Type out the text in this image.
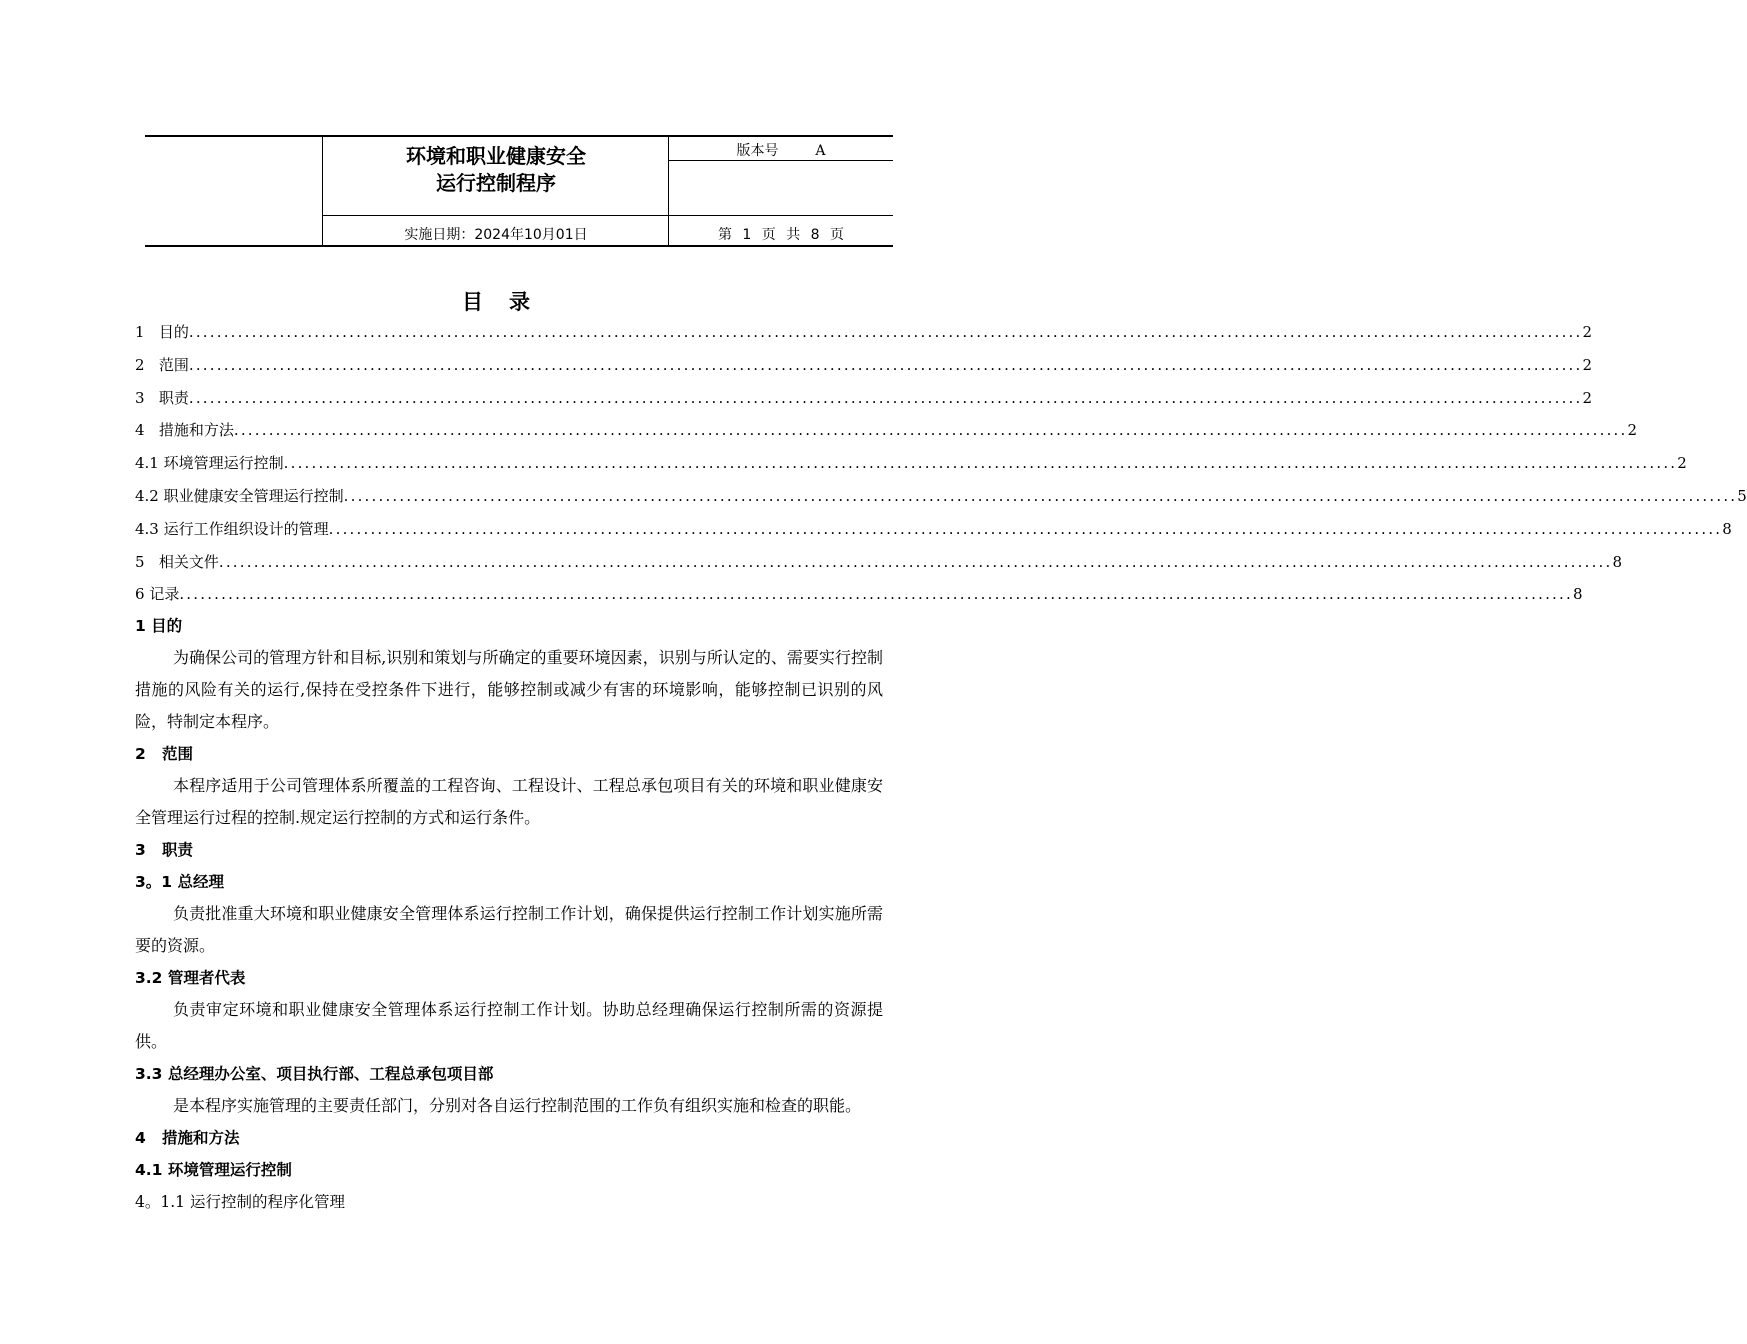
环境和职业健康安全
运行控制程序
版本号	A
实施日期：2024年10月01日	第 1 页 共 8 页
目录
1 目的 ........................................................................................................................................................................................................ 2
2 范围 ........................................................................................................................................................................................................ 2
3 职责 ........................................................................................................................................................................................................ 2
4 措施和方法 ........................................................................................................................................................................................................ 2
4.1 环境管理运行控制 ........................................................................................................................................................................................................ 2
4.2 职业健康安全管理运行控制 ........................................................................................................................................................................................................ 5
4.3 运行工作组织设计的管理 ........................................................................................................................................................................................................ 8
5 相关文件 ........................................................................................................................................................................................................ 8
6 记录 ........................................................................................................................................................................................................ 8
1 目的
为确保公司的管理方针和目标,识别和策划与所确定的重要环境因素，识别与所认定的、需要实行控制措施的风险有关的运行,保持在受控条件下进行，能够控制或减少有害的环境影响，能够控制已识别的风险，特制定本程序。
2   范围
本程序适用于公司管理体系所覆盖的工程咨询、工程设计、工程总承包项目有关的环境和职业健康安全管理运行过程的控制.规定运行控制的方式和运行条件。
3   职责
3。1 总经理
负责批准重大环境和职业健康安全管理体系运行控制工作计划，确保提供运行控制工作计划实施所需要的资源。
3.2 管理者代表
负责审定环境和职业健康安全管理体系运行控制工作计划。协助总经理确保运行控制所需的资源提供。
3.3 总经理办公室、项目执行部、工程总承包项目部
是本程序实施管理的主要责任部门，分别对各自运行控制范围的工作负有组织实施和检查的职能。
4   措施和方法
4.1 环境管理运行控制
4。1.1 运行控制的程序化管理
